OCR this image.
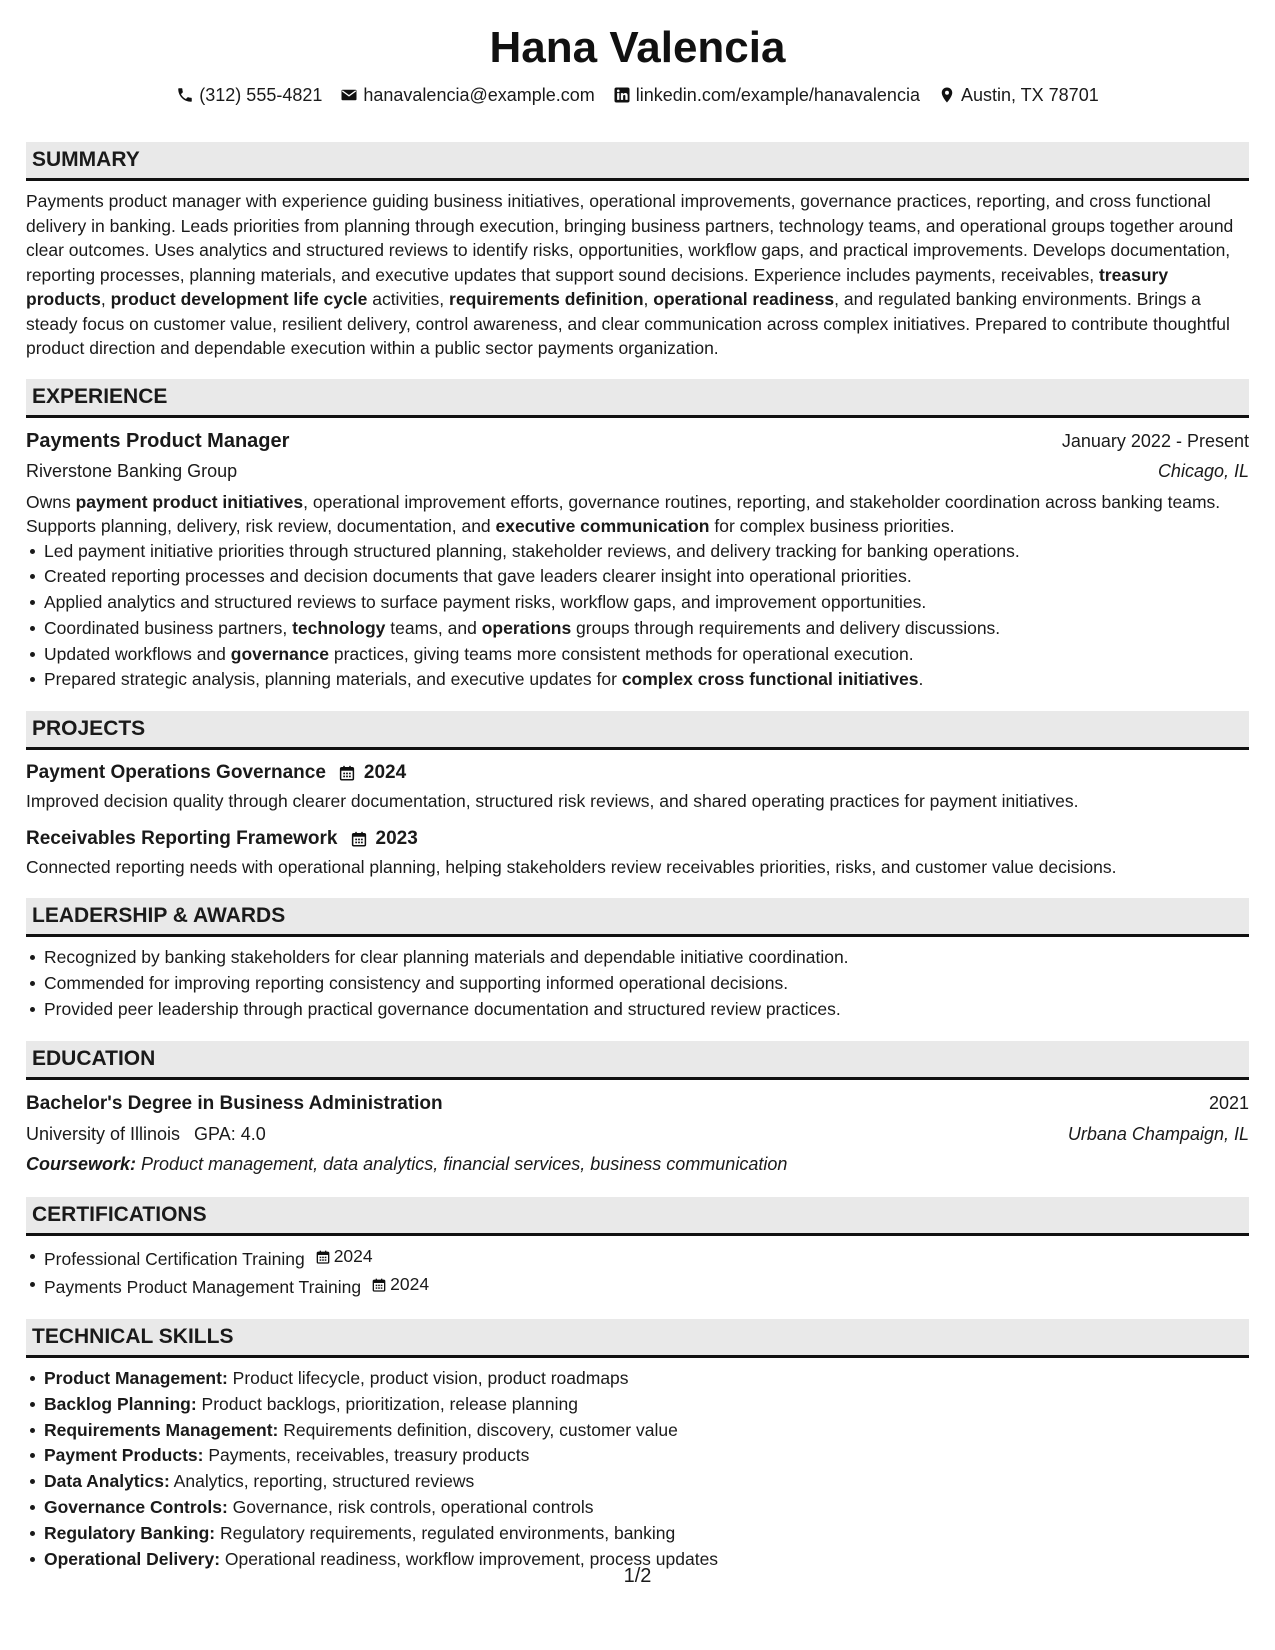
Hana Valencia
(312) 555-4821 hanavalencia@example.com linkedin.com/example/hanavalencia Austin, TX 78701
SUMMARY

Payments product manager with experience guiding business initiatives, operational improvements, governance practices, reporting, and cross functional delivery in banking. Leads priorities from planning through execution, bringing business partners, technology teams, and operational groups together around clear outcomes. Uses analytics and structured reviews to identify risks, opportunities, workflow gaps, and practical improvements. Develops documentation, reporting processes, planning materials, and executive updates that support sound decisions. Experience includes payments, receivables, treasury products, product development life cycle activities, requirements definition, operational readiness, and regulated banking environments. Brings a steady focus on customer value, resilient delivery, control awareness, and clear communication across complex initiatives. Prepared to contribute thoughtful product direction and dependable execution within a public sector payments organization.

EXPERIENCE
Payments Product Manager	January 2022 - Present
Riverstone Banking Group	Chicago, IL

Owns payment product initiatives, operational improvement efforts, governance routines, reporting, and stakeholder coordination across banking teams. Supports planning, delivery, risk review, documentation, and executive communication for complex business priorities.

Led payment initiative priorities through structured planning, stakeholder reviews, and delivery tracking for banking operations.
Created reporting processes and decision documents that gave leaders clearer insight into operational priorities.
Applied analytics and structured reviews to surface payment risks, workflow gaps, and improvement opportunities.
Coordinated business partners, technology teams, and operations groups through requirements and delivery discussions.
Updated workflows and governance practices, giving teams more consistent methods for operational execution.
Prepared strategic analysis, planning materials, and executive updates for complex cross functional initiatives.
PROJECTS
Payment Operations Governance 2024
Improved decision quality through clearer documentation, structured risk reviews, and shared operating practices for payment initiatives.
Receivables Reporting Framework 2023
Connected reporting needs with operational planning, helping stakeholders review receivables priorities, risks, and customer value decisions.
LEADERSHIP & AWARDS
Recognized by banking stakeholders for clear planning materials and dependable initiative coordination.
Commended for improving reporting consistency and supporting informed operational decisions.
Provided peer leadership through practical governance documentation and structured review practices.
EDUCATION
Bachelor's Degree in Business Administration	2021
University of Illinois GPA: 4.0	Urbana Champaign, IL
Coursework: Product management, data analytics, financial services, business communication
CERTIFICATIONS
Professional Certification Training 2024
Payments Product Management Training 2024
TECHNICAL SKILLS
Product Management: Product lifecycle, product vision, product roadmaps
Backlog Planning: Product backlogs, prioritization, release planning
Requirements Management: Requirements definition, discovery, customer value
Payment Products: Payments, receivables, treasury products
Data Analytics: Analytics, reporting, structured reviews
Governance Controls: Governance, risk controls, operational controls
Regulatory Banking: Regulatory requirements, regulated environments, banking
Operational Delivery: Operational readiness, workflow improvement, process updates
1/2
